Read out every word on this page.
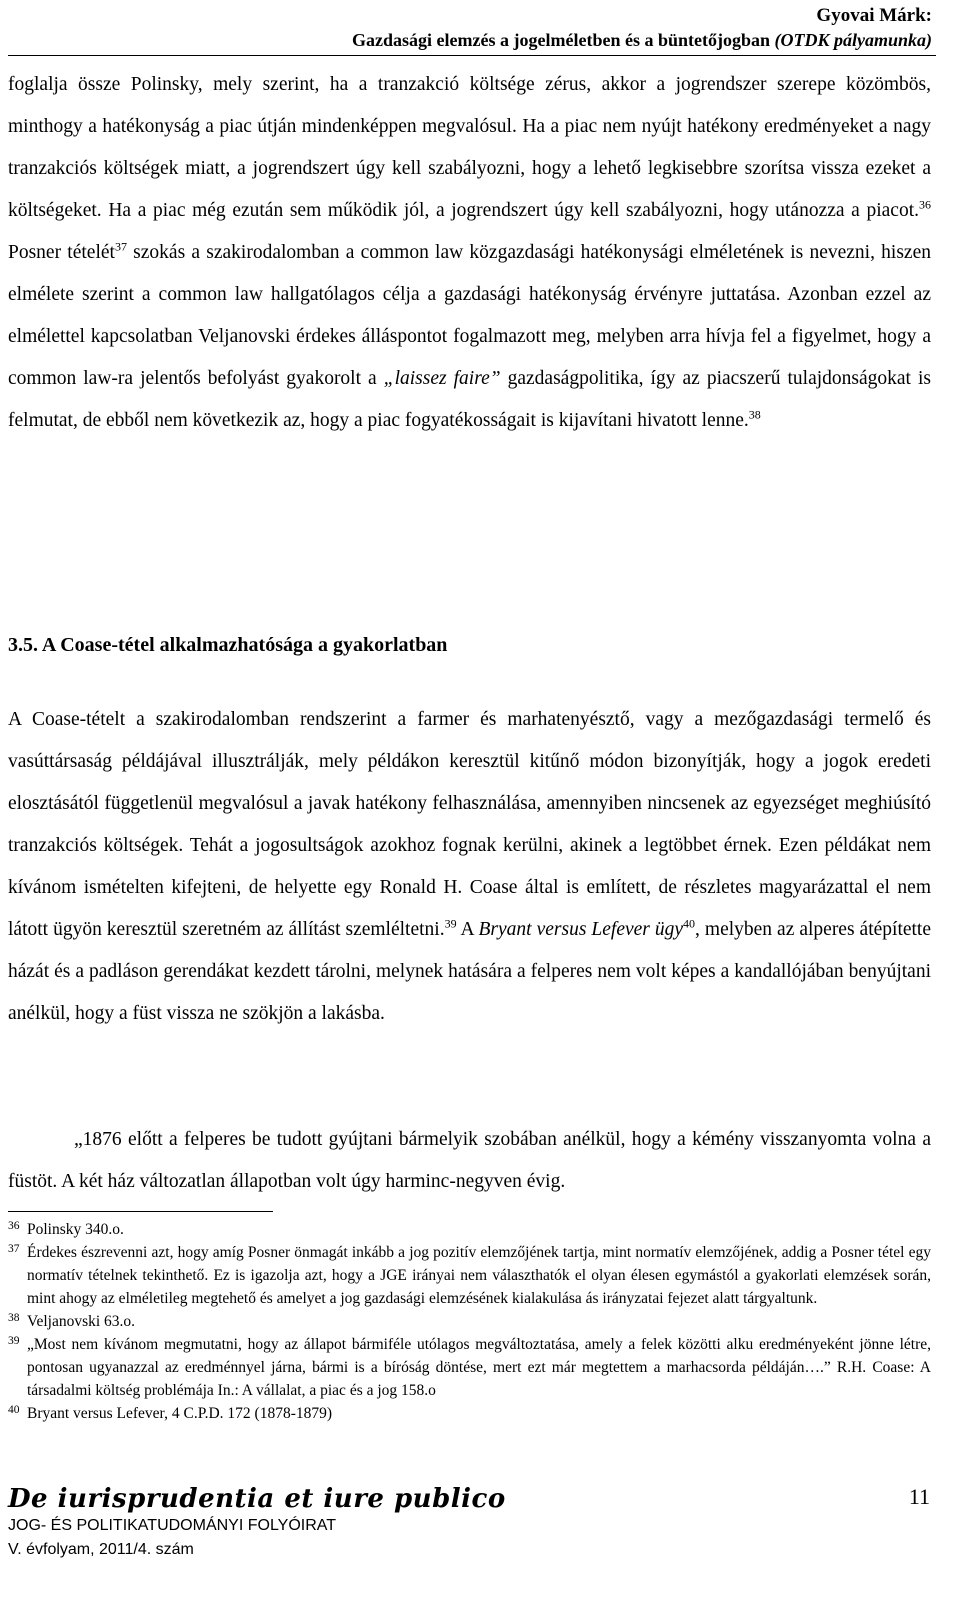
Gyovai Márk:
Gazdasági elemzés a jogelméletben és a büntetőjogban (OTDK pályamunka)

foglalja össze Polinsky, mely szerint, ha a tranzakció költsége zérus, akkor a jogrendszer szerepe közömbös, minthogy a hatékonyság a piac útján mindenképpen megvalósul. Ha a piac nem nyújt hatékony eredményeket a nagy tranzakciós költségek miatt, a jogrendszert úgy kell szabályozni, hogy a lehető legkisebbre szorítsa vissza ezeket a költségeket. Ha a piac még ezután sem működik jól, a jogrendszert úgy kell szabályozni, hogy utánozza a piacot.$^{36}$ Posner tételét$^{37}$ szokás a szakirodalomban a common law közgazdasági hatékonysági elméletének is nevezni, hiszen elmélete szerint a common law hallgatólagos célja a gazdasági hatékonyság érvényre juttatása. Azonban ezzel az elmélettel kapcsolatban Veljanovski érdekes álláspontot fogalmazott meg, melyben arra hívja fel a figyelmet, hogy a common law-ra jelentős befolyást gyakorolt a „laissez faire” gazdaságpolitika, így az piacszerű tulajdonságokat is felmutat, de ebből nem következik az, hogy a piac fogyatékosságait is kijavítani hivatott lenne.$^{38}$

3.5. A Coase-tétel alkalmazhatósága a gyakorlatban

A Coase-tételt a szakirodalomban rendszerint a farmer és marhatenyésztő, vagy a mezőgazdasági termelő és vasúttársaság példájával illusztrálják, mely példákon keresztül kitűnő módon bizonyítják, hogy a jogok eredeti elosztásától függetlenül megvalósul a javak hatékony felhasználása, amennyiben nincsenek az egyezséget meghiúsító tranzakciós költségek. Tehát a jogosultságok azokhoz fognak kerülni, akinek a legtöbbet érnek. Ezen példákat nem kívánom ismételten kifejteni, de helyette egy Ronald H. Coase által is említett, de részletes magyarázattal el nem látott ügyön keresztül szeretném az állítást szemléltetni.$^{39}$ A Bryant versus Lefever ügy$^{40}$, melyben az alperes átépítette házát és a padláson gerendákat kezdett tárolni, melynek hatására a felperes nem volt képes a kandallójában benyújtani anélkül, hogy a füst vissza ne szökjön a lakásba.

„1876 előtt a felperes be tudott gyújtani bármelyik szobában anélkül, hogy a kémény visszanyomta volna a füstöt. A két ház változatlan állapotban volt úgy harminc-negyven évig.

36 Polinsky 340.o.
37 Érdekes észrevenni azt, hogy amíg Posner önmagát inkább a jog pozitív elemzőjének tartja, mint normatív elemzőjének, addig a Posner tétel egy normatív tételnek tekinthető. Ez is igazolja azt, hogy a JGE irányai nem választhatók el olyan élesen egymástól a gyakorlati elemzések során, mint ahogy az elméletileg megtehető és amelyet a jog gazdasági elemzésének kialakulása ás irányzatai fejezet alatt tárgyaltunk.
38 Veljanovski 63.o.
39 „Most nem kívánom megmutatni, hogy az állapot bármiféle utólagos megváltoztatása, amely a felek közötti alku eredményeként jönne létre, pontosan ugyanazzal az eredménnyel járna, bármi is a bíróság döntése, mert ezt már megtettem a marhacsorda példáján….” R.H. Coase: A társadalmi költség problémája In.: A vállalat, a piac és a jog 158.o
40 Bryant versus Lefever, 4 C.P.D. 172 (1878-1879)
De iurisprudentia et iure publico
JOG- ÉS POLITIKATUDOMÁNYI FOLYÓIRAT
V. évfolyam, 2011/4. szám
11
